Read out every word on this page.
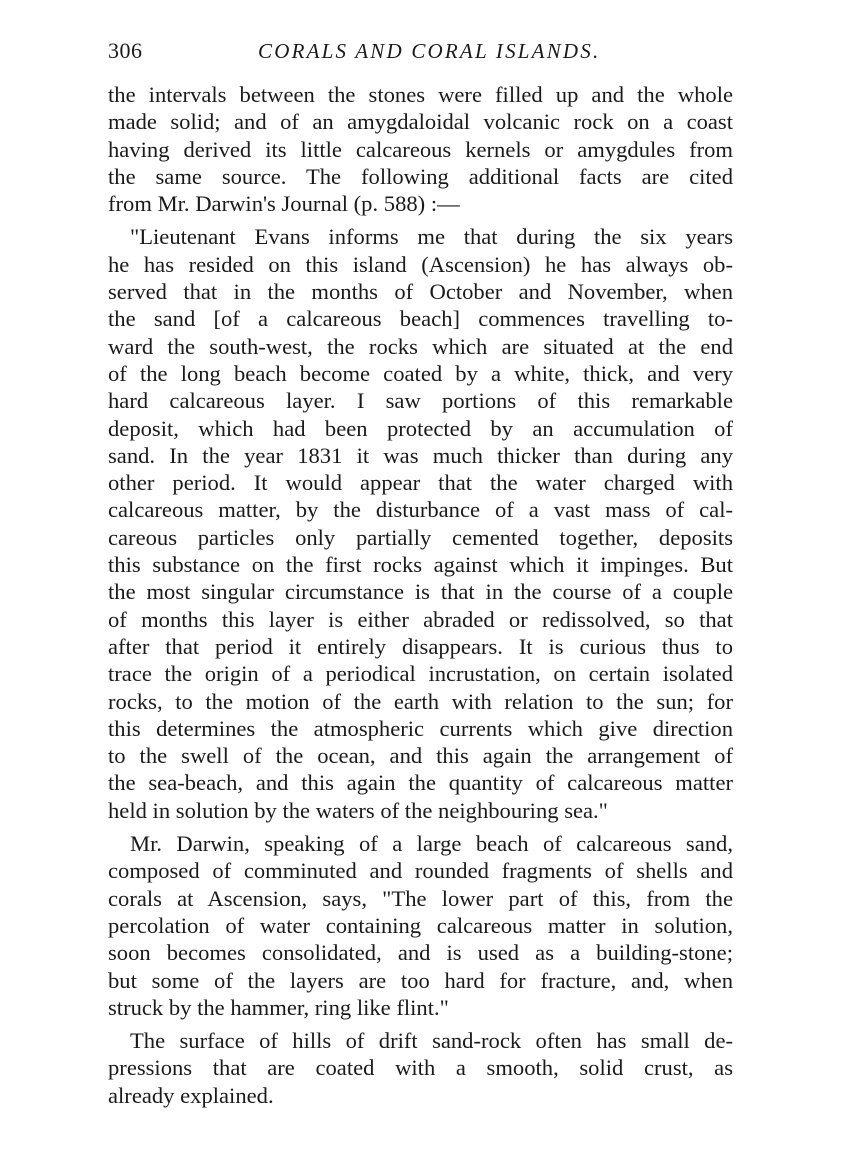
306	CORALS AND CORAL ISLANDS.

the intervals between the stones were filled up and the whole
made solid; and of an amygdaloidal volcanic rock on a coast
having derived its little calcareous kernels or amygdules from
the same source. The following additional facts are cited
from Mr. Darwin's Journal (p. 588) :—

"Lieutenant Evans informs me that during the six years
he has resided on this island (Ascension) he has always ob-
served that in the months of October and November, when
the sand [of a calcareous beach] commences travelling to-
ward the south-west, the rocks which are situated at the end
of the long beach become coated by a white, thick, and very
hard calcareous layer. I saw portions of this remarkable
deposit, which had been protected by an accumulation of
sand. In the year 1831 it was much thicker than during any
other period. It would appear that the water charged with
calcareous matter, by the disturbance of a vast mass of cal-
careous particles only partially cemented together, deposits
this substance on the first rocks against which it impinges. But
the most singular circumstance is that in the course of a couple
of months this layer is either abraded or redissolved, so that
after that period it entirely disappears. It is curious thus to
trace the origin of a periodical incrustation, on certain isolated
rocks, to the motion of the earth with relation to the sun; for
this determines the atmospheric currents which give direction
to the swell of the ocean, and this again the arrangement of
the sea-beach, and this again the quantity of calcareous matter
held in solution by the waters of the neighbouring sea."

Mr. Darwin, speaking of a large beach of calcareous sand,
composed of comminuted and rounded fragments of shells and
corals at Ascension, says, "The lower part of this, from the
percolation of water containing calcareous matter in solution,
soon becomes consolidated, and is used as a building-stone;
but some of the layers are too hard for fracture, and, when
struck by the hammer, ring like flint."

The surface of hills of drift sand-rock often has small de-
pressions that are coated with a smooth, solid crust, as
already explained.
